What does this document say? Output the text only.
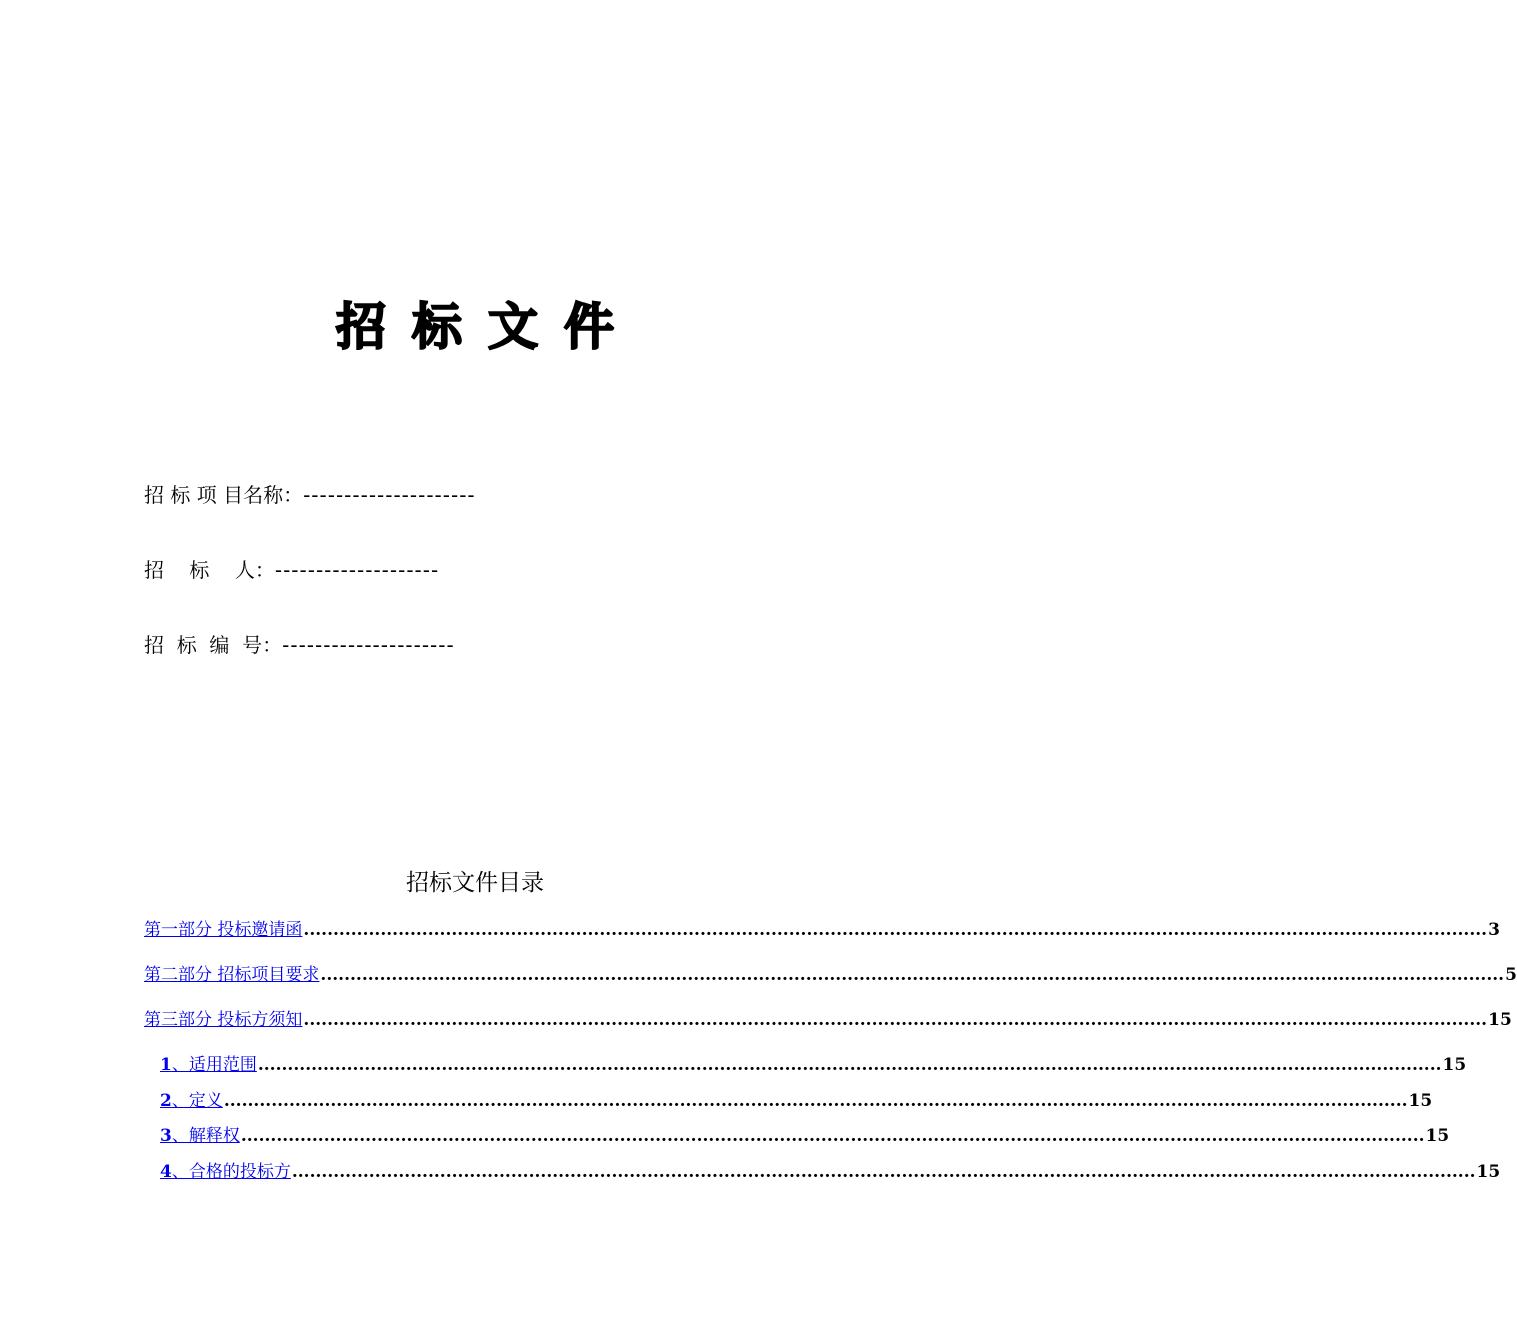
招标文件
招 标 项 目名称：---------------------
招    标    人：--------------------
招  标  编  号：---------------------
招标文件目录
第一部分 投标邀请函 ........................................................................................................................................................................................................ 3
第二部分 招标项目要求 ........................................................................................................................................................................................................ 5
第三部分 投标方须知 ........................................................................................................................................................................................................ 15
1、适用范围 ........................................................................................................................................................................................................ 15
2、定义 ........................................................................................................................................................................................................ 15
3、解释权 ........................................................................................................................................................................................................ 15
4、合格的投标方 ........................................................................................................................................................................................................ 15
